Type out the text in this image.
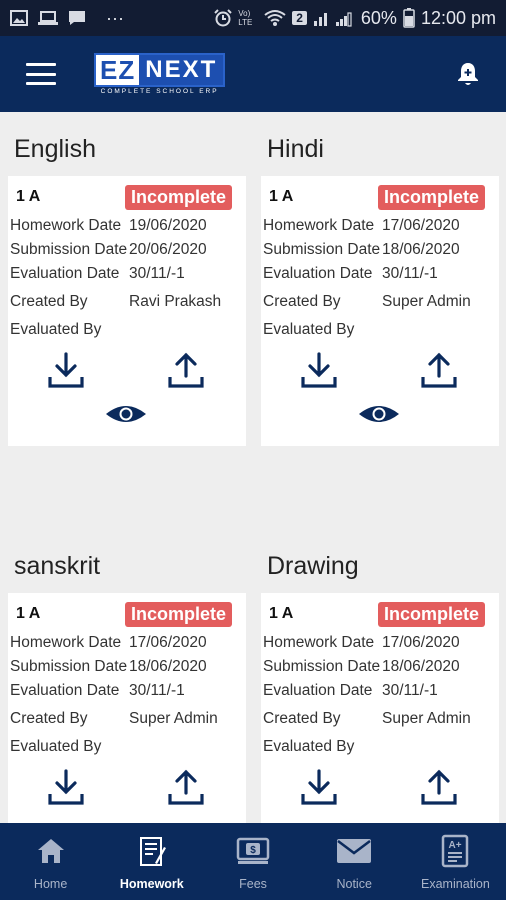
···	Vo) LTE	2	60% 12:00 pm
EZ NEXT
COMPLETE SCHOOL ERP
English
1 A	Incomplete
Homework Date 19/06/2020
Submission Date 20/06/2020
Evaluation Date 30/11/-1
Created By	Ravi Prakash
Evaluated By
Hindi
1 A	Incomplete
Homework Date 17/06/2020
Submission Date 18/06/2020
Evaluation Date 30/11/-1
Created By	Super Admin
Evaluated By
sanskrit
1 A	Incomplete
Homework Date 17/06/2020
Submission Date 18/06/2020
Evaluation Date 30/11/-1
Created By	Super Admin
Evaluated By
Drawing
1 A	Incomplete
Homework Date 17/06/2020
Submission Date 18/06/2020
Evaluation Date 30/11/-1
Created By	Super Admin
Evaluated By
Home	Homework
$
Fees	Notice
A+
Examination
